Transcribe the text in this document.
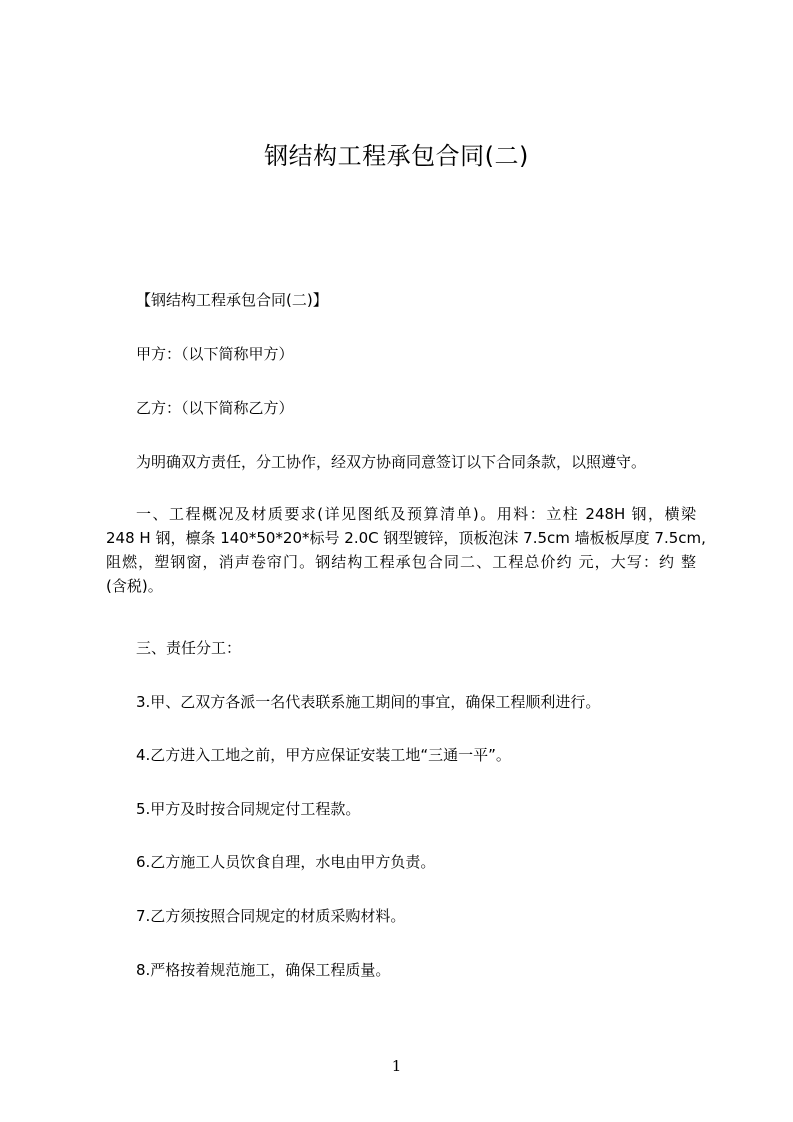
钢结构工程承包合同(二)

【钢结构工程承包合同(二)】

甲方：（以下简称甲方）

乙方：（以下简称乙方）

为明确双方责任，分工协作，经双方协商同意签订以下合同条款，以照遵守。

一、工程概况及材质要求(详见图纸及预算清单)。用料：立柱 248H 钢，横梁
248 H 钢，檩条 140*50*20*标号 2.0C 钢型镀锌，顶板泡沫 7.5cm 墙板板厚度 7.5cm,
阻燃，塑钢窗，消声卷帘门。钢结构工程承包合同二、工程总价约 元，大写：约 整
(含税)。

三、责任分工：

3.甲、乙双方各派一名代表联系施工期间的事宜，确保工程顺利进行。

4.乙方进入工地之前，甲方应保证安装工地“三通一平”。

5.甲方及时按合同规定付工程款。

6.乙方施工人员饮食自理，水电由甲方负责。

7.乙方须按照合同规定的材质采购材料。

8.严格按着规范施工，确保工程质量。

1
